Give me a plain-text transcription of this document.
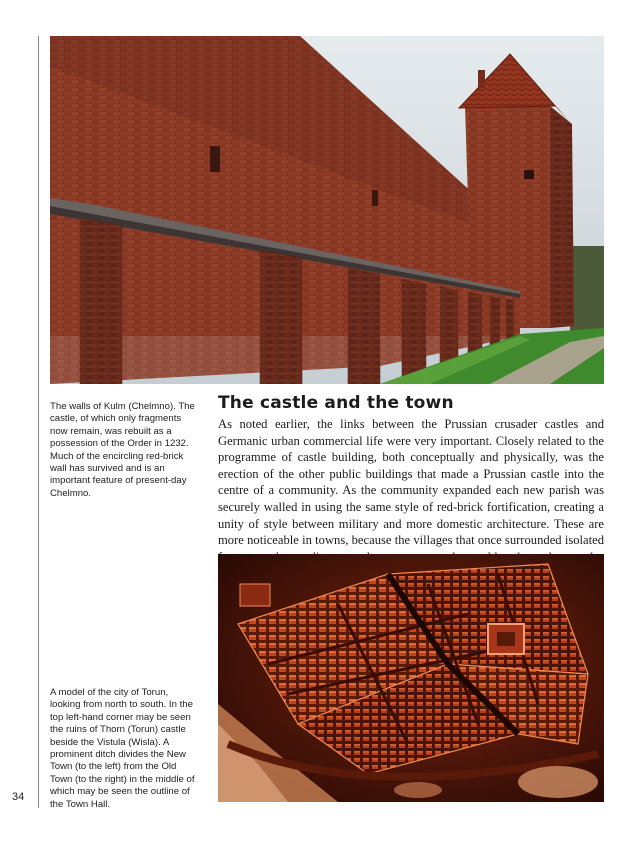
34
The walls of Kulm (Chelmno). The castle, of which only fragments now remain, was rebuilt as a possession of the Order in 1232. Much of the encircling red-brick wall has survived and is an important feature of present-day Chelmno.
The castle and the town

As noted earlier, the links between the Prussian crusader castles and Germanic urban commercial life were very important. Closely related to the programme of castle building, both conceptually and physically, was the erection of the other public buildings that made a Prussian castle into the centre of a community. As the community expanded each new parish was securely walled in using the same style of red-brick fortification, creating a unity of style between military and more domestic architecture. These are more noticeable in towns, because the villages that once surrounded isolated

A model of the city of Torun, looking from north to south. In the top left-hand corner may be seen the ruins of Thorn (Torun) castle beside the Vistula (Wisla). A prominent ditch divides the New Town (to the left) from the Old Town (to the right) in the middle of which may be seen the outline of the Town Hall.
